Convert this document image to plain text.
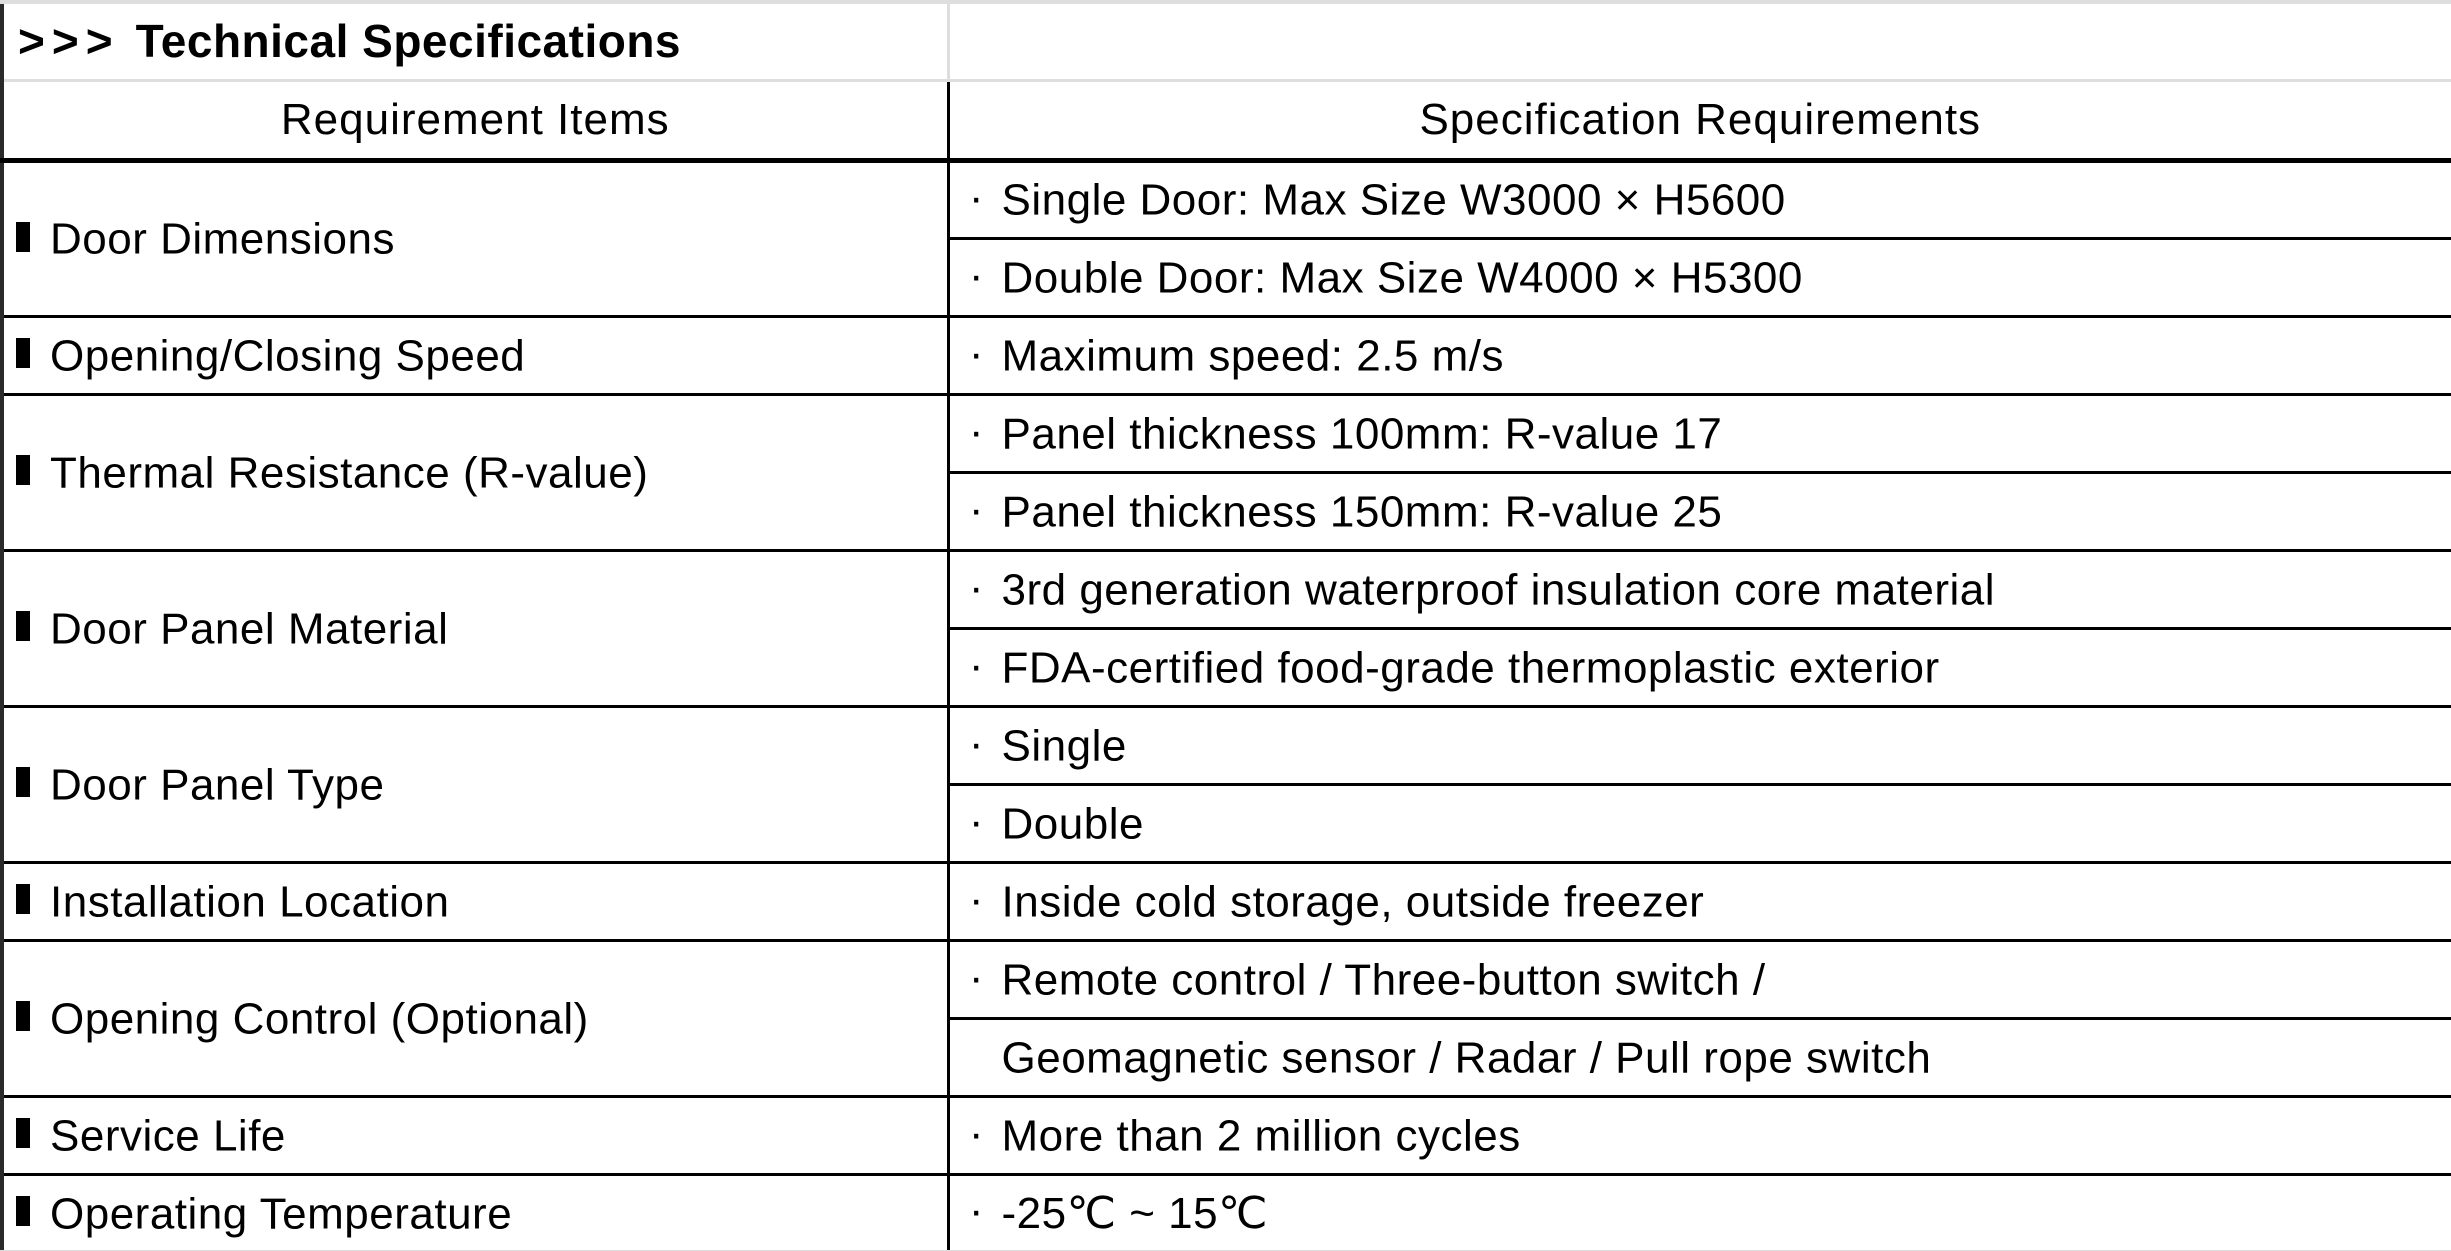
>>> Technical Specifications	
Requirement Items	Specification Requirements
Door Dimensions	· Single Door: Max Size W3000 × H5600
	· Double Door: Max Size W4000 × H5300
Opening/Closing Speed	· Maximum speed: 2.5 m/s
Thermal Resistance (R-value)	· Panel thickness 100mm: R-value 17
	· Panel thickness 150mm: R-value 25
Door Panel Material	· 3rd generation waterproof insulation core material
	· FDA-certified food-grade thermoplastic exterior
Door Panel Type	· Single
	· Double
Installation Location	· Inside cold storage, outside freezer
Opening Control (Optional)	· Remote control / Three-button switch /
	Geomagnetic sensor / Radar / Pull rope switch
Service Life	· More than 2 million cycles
Operating Temperature	· -25℃ ~ 15℃
